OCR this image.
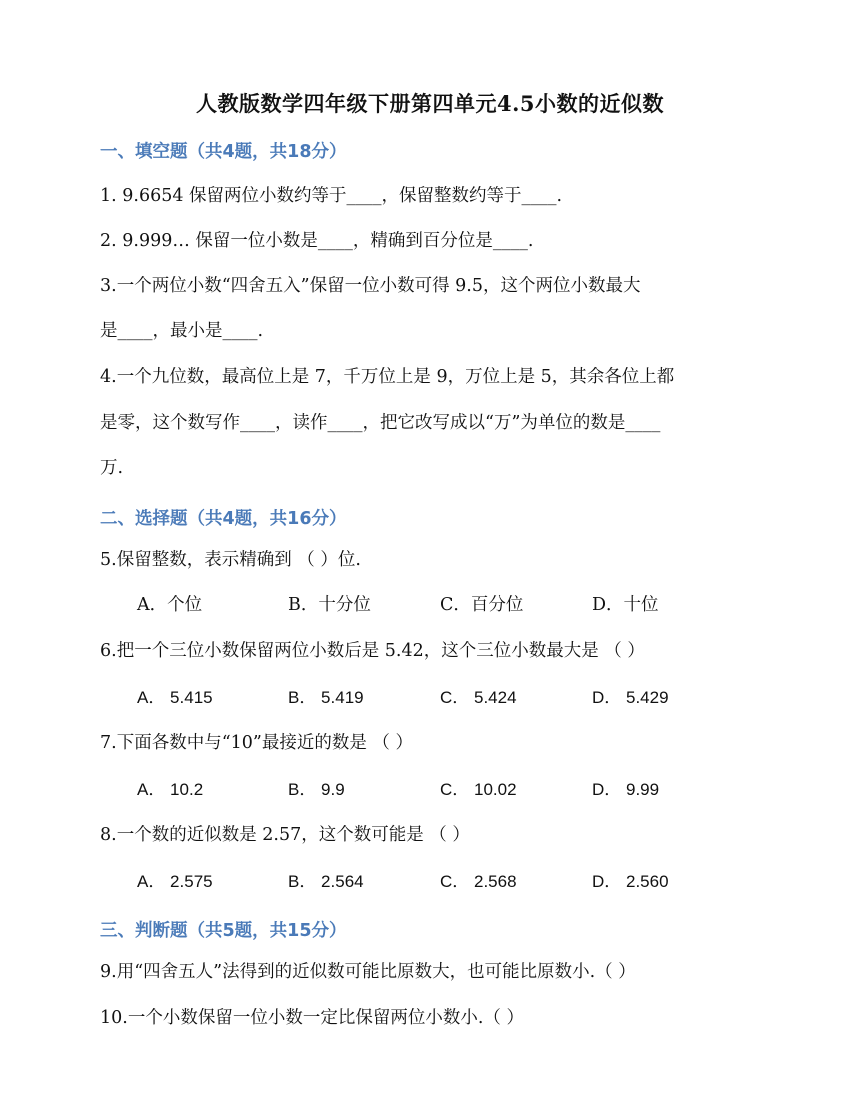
人教版数学四年级下册第四单元4.5小数的近似数
一、填空题（共4题，共18分）
1. 9.6654 保留两位小数约等于____，保留整数约等于____.
2. 9.999… 保留一位小数是____，精确到百分位是____.
3.一个两位小数“四舍五入”保留一位小数可得 9.5，这个两位小数最大
是____，最小是____.
4.一个九位数，最高位上是 7，千万位上是 9，万位上是 5，其余各位上都
是零，这个数写作____，读作____，把它改写成以“万”为单位的数是____
万.
二、选择题（共4题，共16分）
5.保留整数，表示精确到 （ ）位.
A．个位	B．十分位	C．百分位	D．十位
6.把一个三位小数保留两位小数后是 5.42，这个三位小数最大是 （ ）
A． 5.415	B． 5.419	C． 5.424	D． 5.429
7.下面各数中与“10”最接近的数是 （ ）
A． 10.2	B． 9.9	C． 10.02	D． 9.99
8.一个数的近似数是 2.57，这个数可能是 （ ）
A． 2.575	B． 2.564	C． 2.568	D． 2.560
三、判断题（共5题，共15分）
9.用“四舍五人”法得到的近似数可能比原数大，也可能比原数小.（ ）
10.一个小数保留一位小数一定比保留两位小数小.（ ）
